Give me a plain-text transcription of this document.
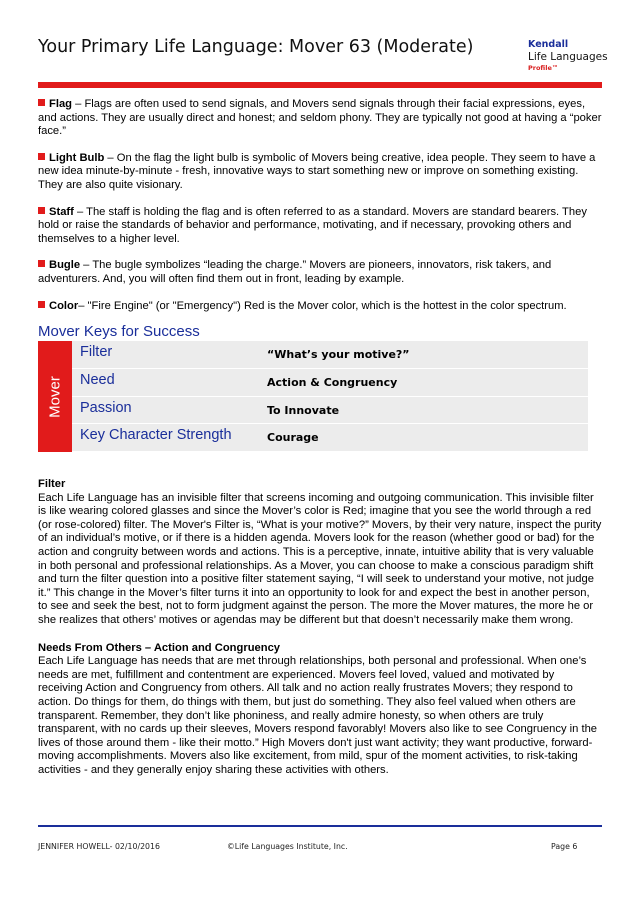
Your Primary Life Language: Mover 63 (Moderate)	Kendall
Life Languages
Profile™

Flag – Flags are often used to send signals, and Movers send signals through their facial expressions, eyes, and actions. They are usually direct and honest; and seldom phony. They are typically not good at having a “poker face.”

Light Bulb – On the flag the light bulb is symbolic of Movers being creative, idea people. They seem to have a new idea minute-by-minute - fresh, innovative ways to start something new or improve on something existing. They are also quite visionary.

Staff – The staff is holding the flag and is often referred to as a standard. Movers are standard bearers. They hold or raise the standards of behavior and performance, motivating, and if necessary, provoking others and themselves to a higher level.

Bugle – The bugle symbolizes “leading the charge.” Movers are pioneers, innovators, risk takers, and adventurers. And, you will often find them out in front, leading by example.

Color– "Fire Engine" (or "Emergency") Red is the Mover color, which is the hottest in the color spectrum.

Mover Keys for Success
Mover
Filter	“What’s your motive?”
Need	Action & Congruency
Passion	To Innovate
Key Character Strength	Courage

Filter

Each Life Language has an invisible filter that screens incoming and outgoing communication. This invisible filter is like wearing colored glasses and since the Mover’s color is Red; imagine that you see the world through a red (or rose-colored) filter. The Mover's Filter is, “What is your motive?” Movers, by their very nature, inspect the purity of an individual’s motive, or if there is a hidden agenda. Movers look for the reason (whether good or bad) for the action and congruity between words and actions. This is a perceptive, innate, intuitive ability that is very valuable in both personal and professional relationships. As a Mover, you can choose to make a conscious paradigm shift and turn the filter question into a positive filter statement saying, “I will seek to understand your motive, not judge it.” This change in the Mover’s filter turns it into an opportunity to look for and expect the best in another person, to see and seek the best, not to form judgment against the person. The more the Mover matures, the more he or she realizes that others’ motives or agendas may be different but that doesn’t necessarily make them wrong.

Needs From Others – Action and Congruency

Each Life Language has needs that are met through relationships, both personal and professional. When one’s needs are met, fulfillment and contentment are experienced. Movers feel loved, valued and motivated by receiving Action and Congruency from others. All talk and no action really frustrates Movers; they respond to action. Do things for them, do things with them, but just do something. They also feel valued when others are transparent. Remember, they don’t like phoniness, and really admire honesty, so when others are truly transparent, with no cards up their sleeves, Movers respond favorably! Movers also like to see Congruency in the lives of those around them - like their motto.” High Movers don't just want activity; they want productive, forward-moving accomplishments. Movers also like excitement, from mild, spur of the moment activities, to risk-taking activities - and they generally enjoy sharing these activities with others.

JENNIFER HOWELL- 02/10/2016	©Life Languages Institute, Inc.	Page 6
